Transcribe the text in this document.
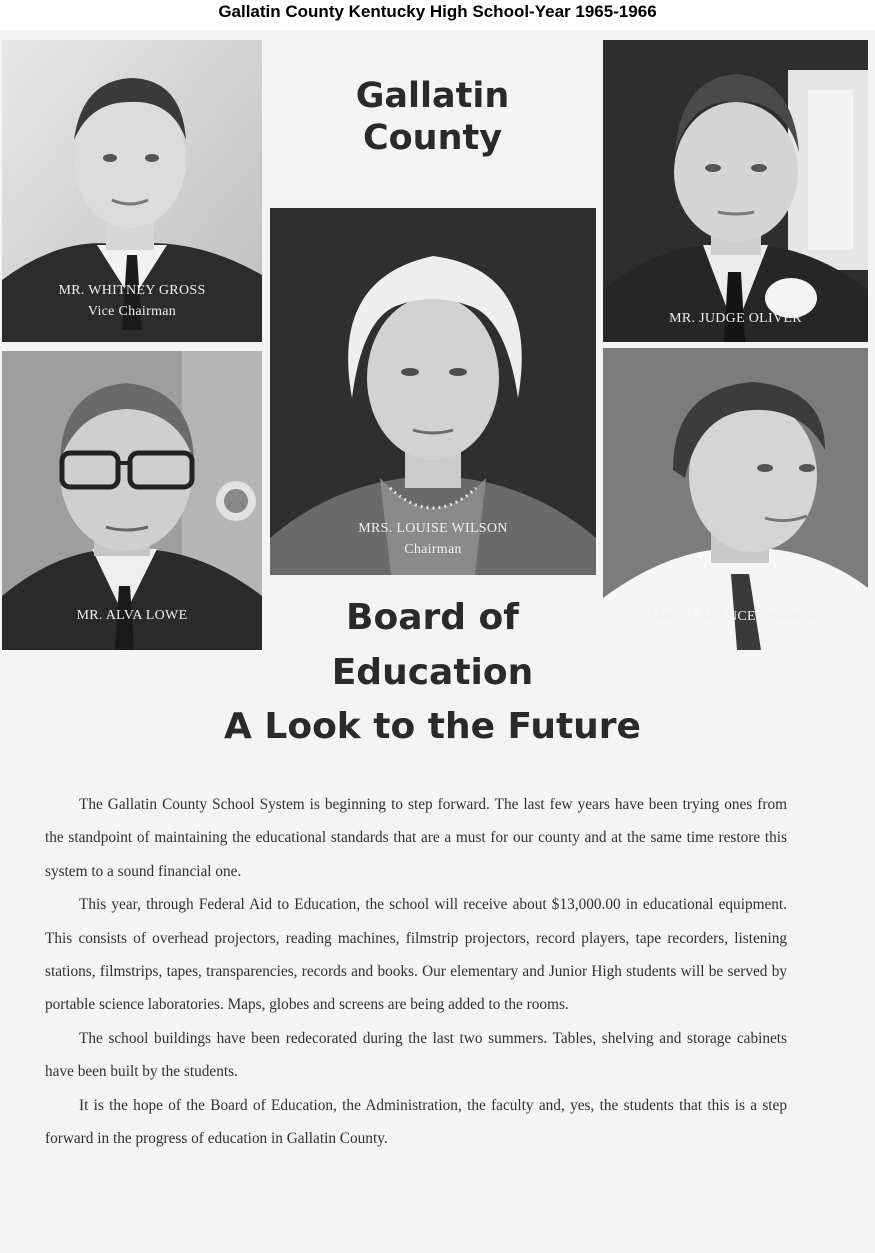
Gallatin County Kentucky High School-Year 1965-1966
MR. WHITNEY GROSS
Vice Chairman
Gallatin
County
MR. JUDGE OLIVER
MRS. LOUISE WILSON
Chairman
MR. ALVA LOWE	MR. CLARENCE SWANGO
Board of
Education
A Look to the Future

The Gallatin County School System is beginning to step forward. The last few years have been trying ones from the standpoint of maintaining the educational standards that are a must for our county and at the same time restore this system to a sound financial one.

This year, through Federal Aid to Education, the school will receive about $13,000.00 in educational equipment. This consists of overhead projectors, reading machines, filmstrip projectors, record players, tape recorders, listening stations, filmstrips, tapes, transparencies, records and books. Our elementary and Junior High students will be served by portable science laboratories. Maps, globes and screens are being added to the rooms.

The school buildings have been redecorated during the last two summers. Tables, shelving and storage cabinets have been built by the students.

It is the hope of the Board of Education, the Administration, the faculty and, yes, the students that this is a step forward in the progress of education in Gallatin County.
